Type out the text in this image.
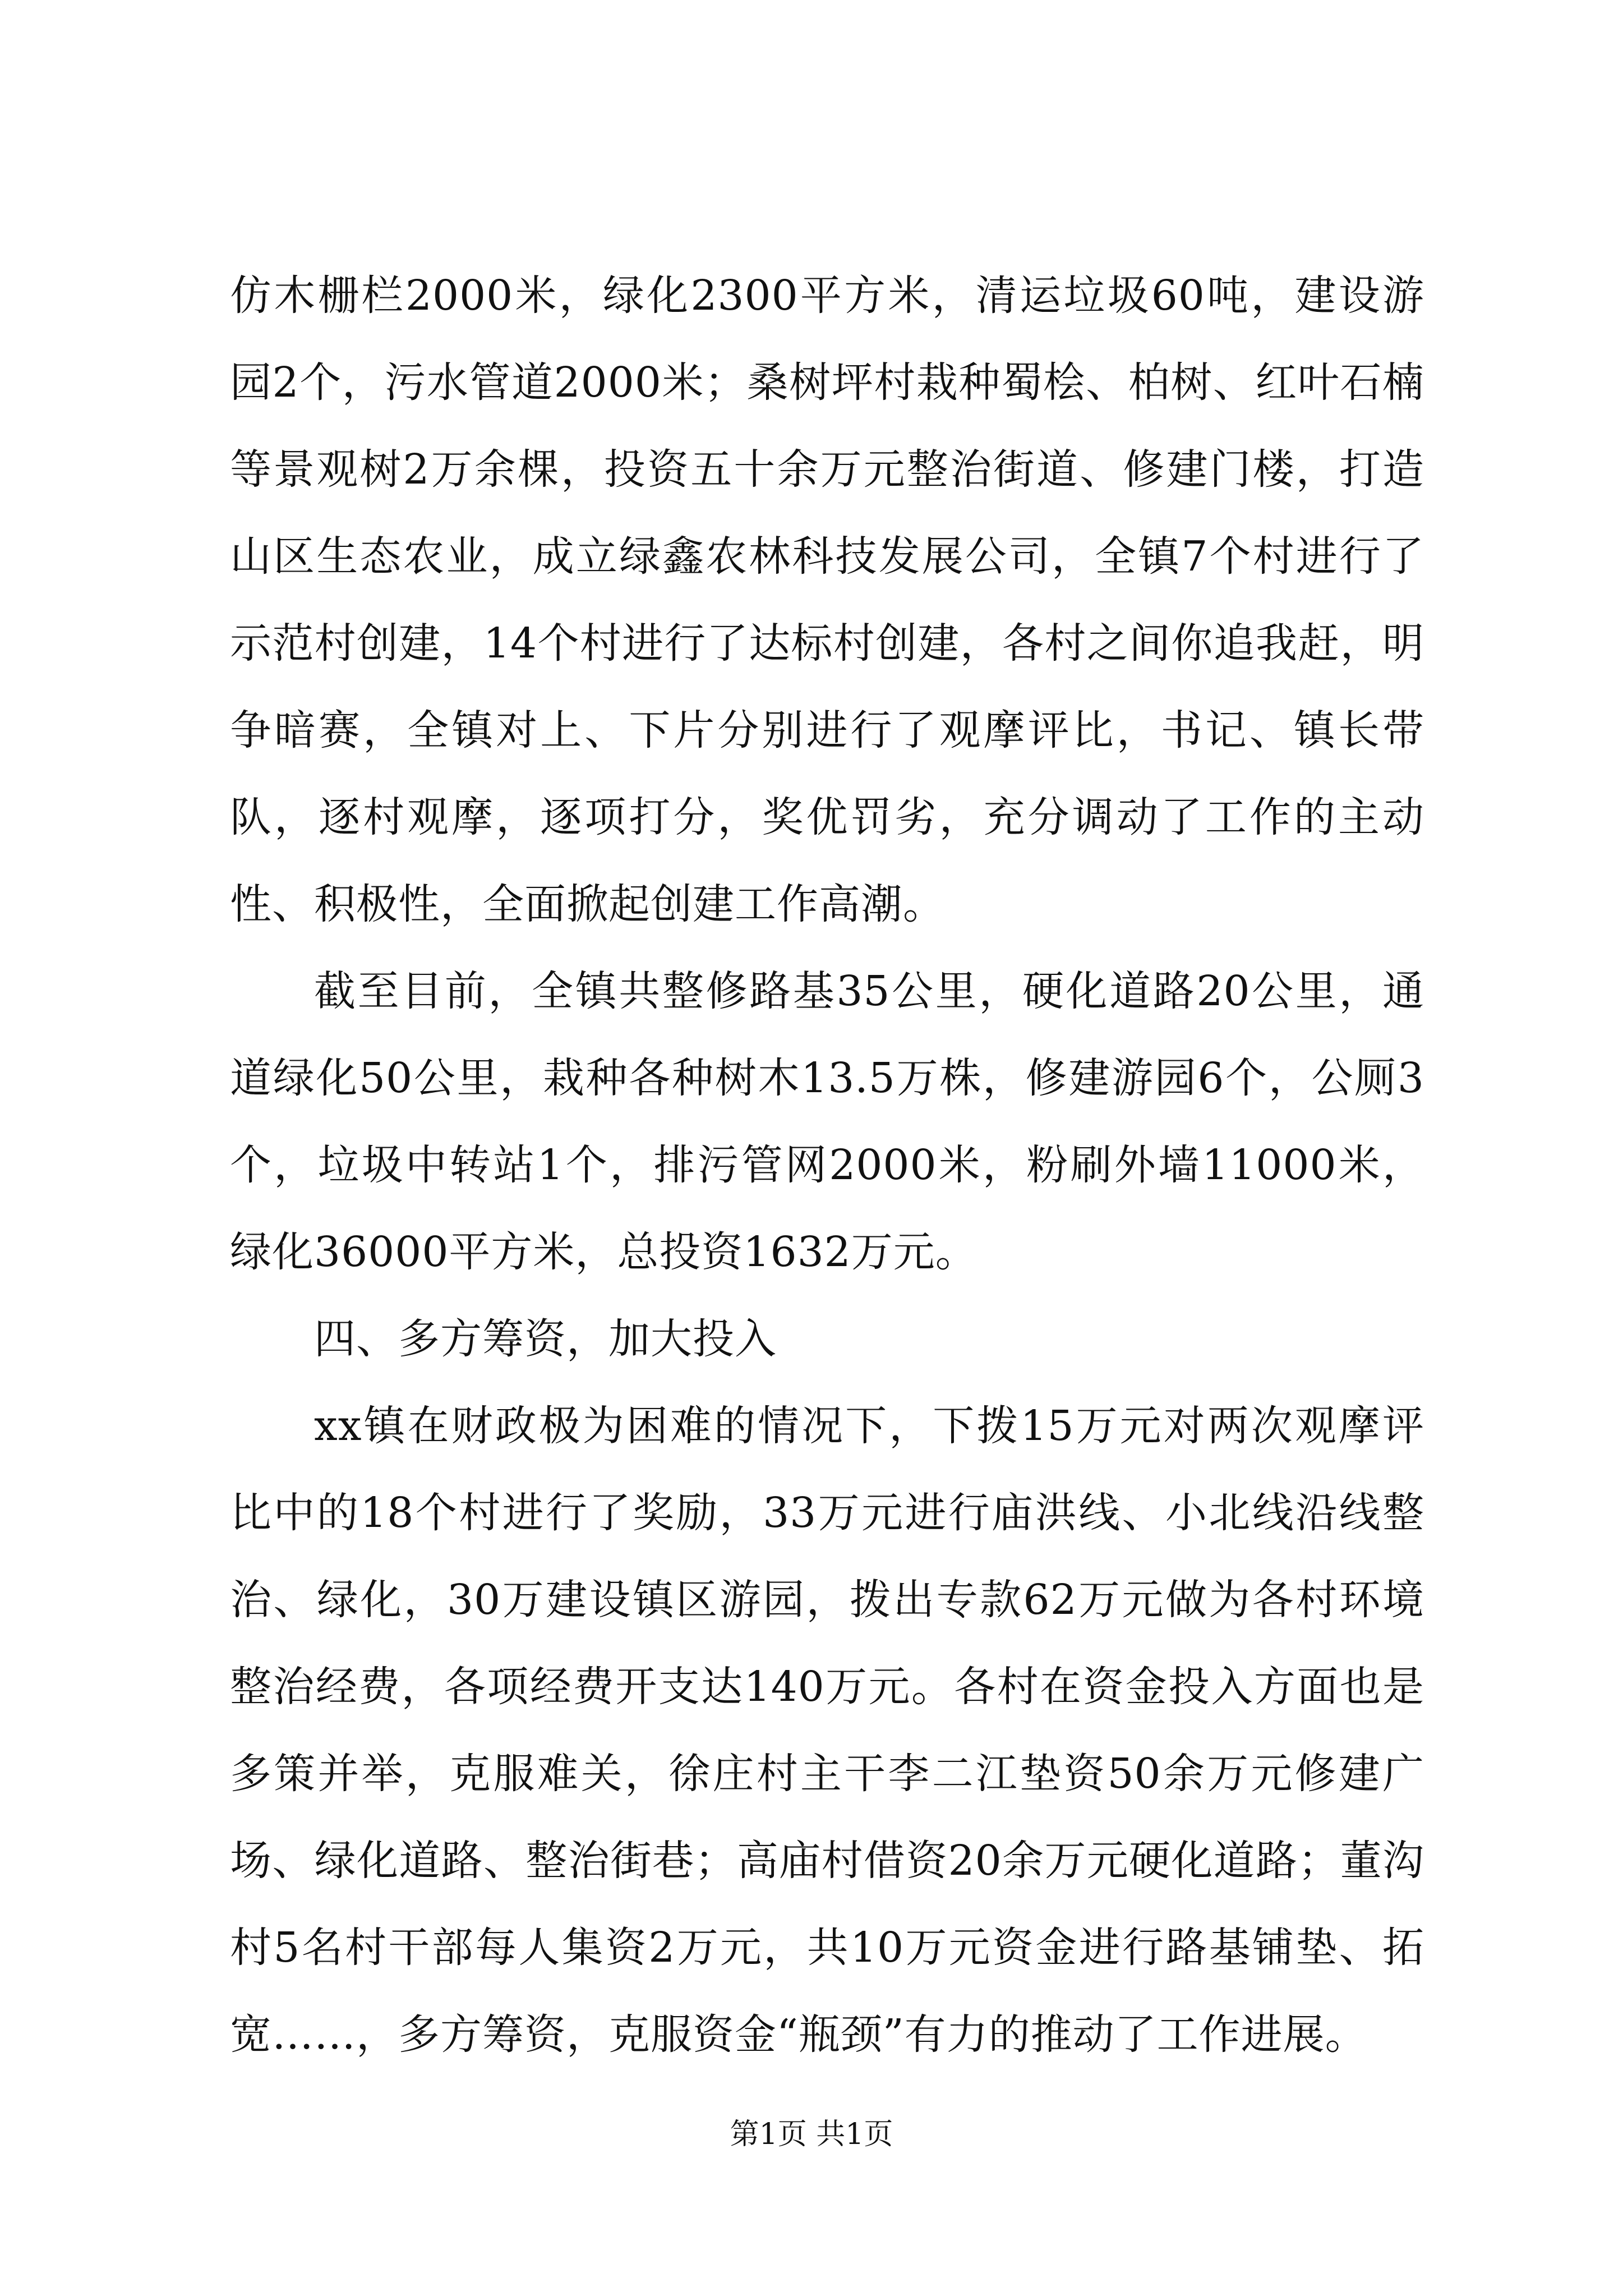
仿木栅栏2000米，绿化2300平方米，清运垃圾60吨，建设游园2个，污水管道2000米；桑树坪村栽种蜀桧、柏树、红叶石楠等景观树2万余棵，投资五十余万元整治街道、修建门楼，打造山区生态农业，成立绿鑫农林科技发展公司，全镇7个村进行了示范村创建，14个村进行了达标村创建，各村之间你追我赶，明争暗赛，全镇对上、下片分别进行了观摩评比，书记、镇长带队，逐村观摩，逐项打分，奖优罚劣，充分调动了工作的主动性、积极性，全面掀起创建工作高潮。

截至目前，全镇共整修路基35公里，硬化道路20公里，通道绿化50公里，栽种各种树木13.5万株，修建游园6个，公厕3个，垃圾中转站1个，排污管网2000米，粉刷外墙11000米，绿化36000平方米，总投资1632万元。

四、多方筹资，加大投入

xx镇在财政极为困难的情况下，下拨15万元对两次观摩评比中的18个村进行了奖励，33万元进行庙洪线、小北线沿线整治、绿化，30万建设镇区游园，拨出专款62万元做为各村环境整治经费，各项经费开支达140万元。各村在资金投入方面也是多策并举，克服难关，徐庄村主干李二江垫资50余万元修建广场、绿化道路、整治街巷；高庙村借资20余万元硬化道路；董沟村5名村干部每人集资2万元，共10万元资金进行路基铺垫、拓宽……，多方筹资，克服资金“瓶颈”有力的推动了工作进展。

第1页 共1页
